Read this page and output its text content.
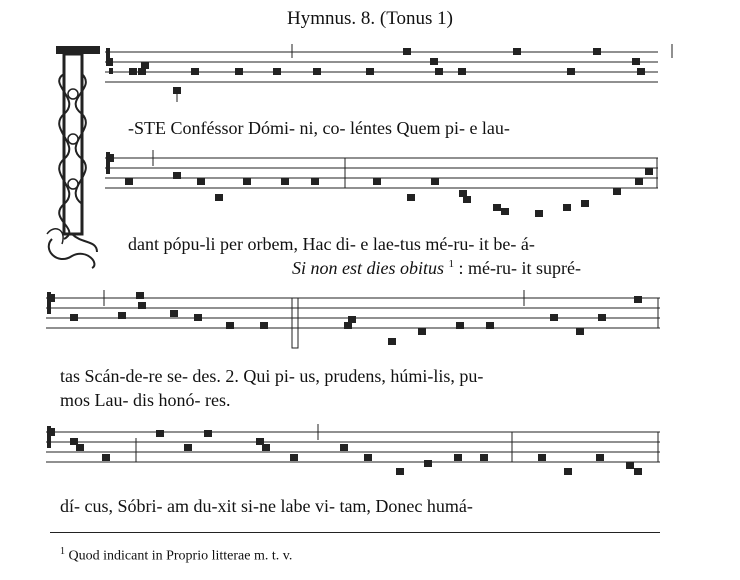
Hymnus. 8. (Tonus 1)
-STE Conféssor Dómi- ni, co- léntes Quem pi- e lau-
dant pópu-li per orbem, Hac di- e lae-tus mé-ru- it be- á-
Si non est dies obitus $^1$ : mé-ru- it supré-
tas Scán-de-re se- des. 2. Qui pi- us, prudens, húmi-lis, pu-
mos Lau- dis honó- res.
dí- cus, Sóbri- am du-xit si-ne labe vi- tam, Donec humá-
$^1$ Quod indicant in Proprio litterae m. t. v.
